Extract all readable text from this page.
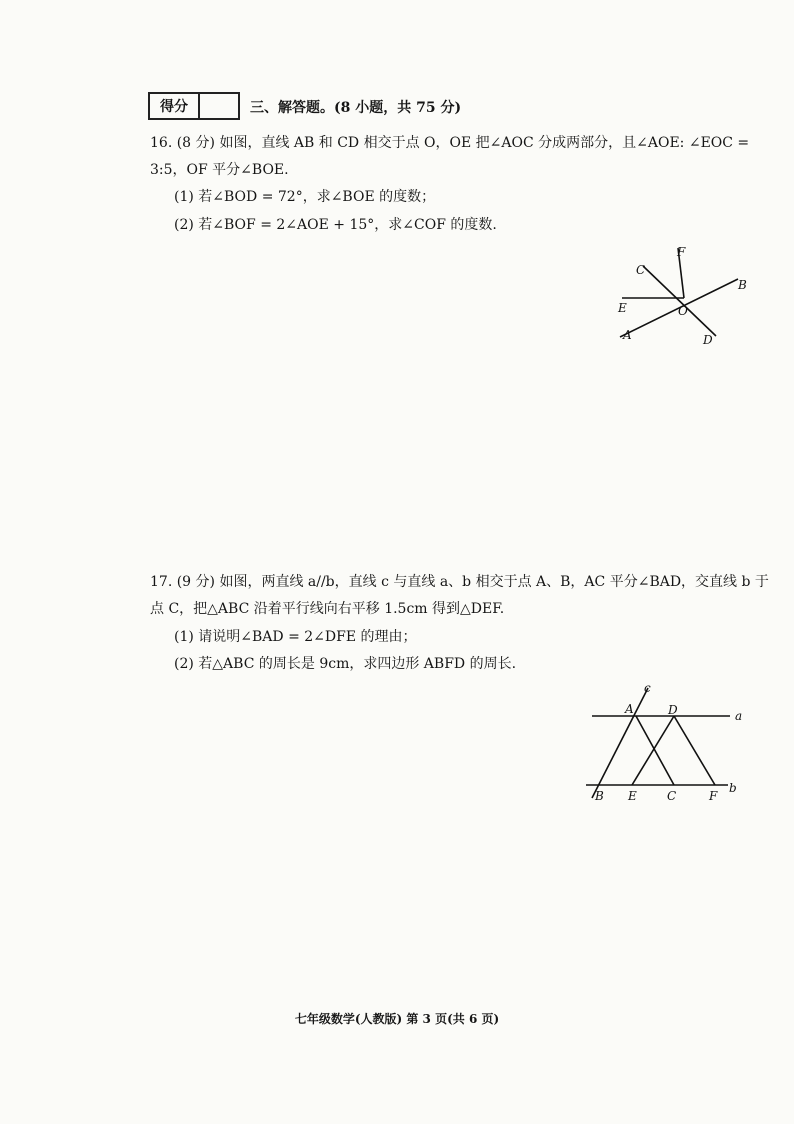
得分	三、解答题。(8 小题，共 75 分)
16. (8 分) 如图，直线 AB 和 CD 相交于点 O，OE 把∠AOC 分成两部分，且∠AOE: ∠EOC =
3:5，OF 平分∠BOE.
(1) 若∠BOD = 72°，求∠BOE 的度数；
(2) 若∠BOF = 2∠AOE + 15°，求∠COF 的度数.
B
C
F
E	O
A	D
17. (9 分) 如图，两直线 a//b，直线 c 与直线 a、b 相交于点 A、B，AC 平分∠BAD，交直线 b 于
点 C，把△ABC 沿着平行线向右平移 1.5cm 得到△DEF.
(1) 请说明∠BAD = 2∠DFE 的理由；
(2) 若△ABC 的周长是 9cm，求四边形 ABFD 的周长.
c
A	D	a
b
B E	C	F
七年级数学(人教版) 第 3 页(共 6 页)
